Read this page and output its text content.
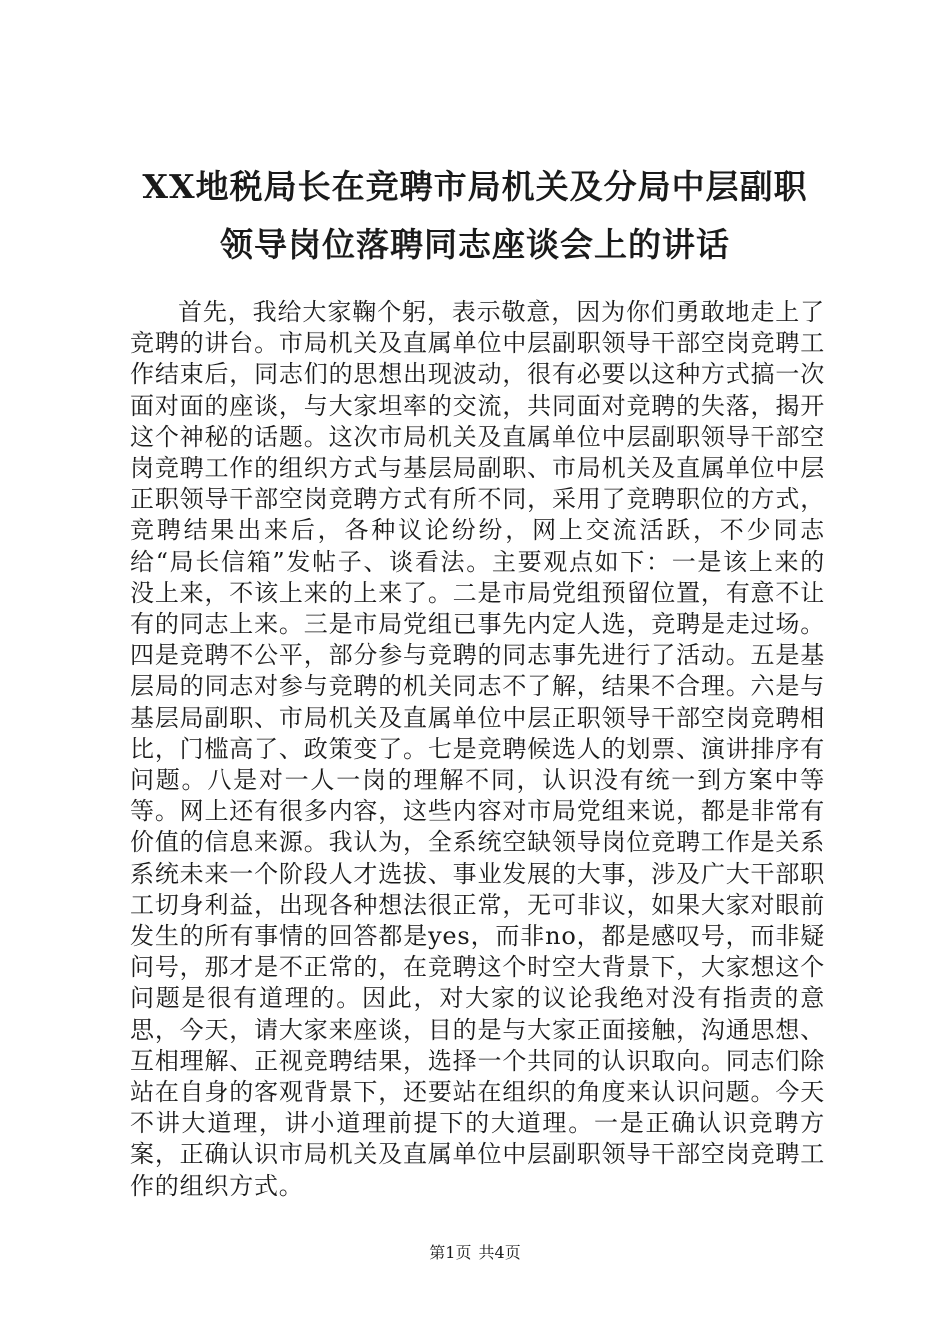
XX地税局长在竞聘市局机关及分局中层副职
领导岗位落聘同志座谈会上的讲话

首先，我给大家鞠个躬，表示敬意，因为你们勇敢地走上了竞聘的讲台。市局机关及直属单位中层副职领导干部空岗竞聘工作结束后，同志们的思想出现波动，很有必要以这种方式搞一次面对面的座谈，与大家坦率的交流，共同面对竞聘的失落，揭开这个神秘的话题。这次市局机关及直属单位中层副职领导干部空岗竞聘工作的组织方式与基层局副职、市局机关及直属单位中层正职领导干部空岗竞聘方式有所不同，采用了竞聘职位的方式，竞聘结果出来后，各种议论纷纷，网上交流活跃，不少同志给“局长信箱”发帖子、谈看法。主要观点如下：一是该上来的没上来，不该上来的上来了。二是市局党组预留位置，有意不让有的同志上来。三是市局党组已事先内定人选，竞聘是走过场。四是竞聘不公平，部分参与竞聘的同志事先进行了活动。五是基层局的同志对参与竞聘的机关同志不了解，结果不合理。六是与基层局副职、市局机关及直属单位中层正职领导干部空岗竞聘相比，门槛高了、政策变了。七是竞聘候选人的划票、演讲排序有问题。八是对一人一岗的理解不同，认识没有统一到方案中等等。网上还有很多内容，这些内容对市局党组来说，都是非常有价值的信息来源。我认为，全系统空缺领导岗位竞聘工作是关系系统未来一个阶段人才选拔、事业发展的大事，涉及广大干部职工切身利益，出现各种想法很正常，无可非议，如果大家对眼前发生的所有事情的回答都是yes，而非no，都是感叹号，而非疑问号，那才是不正常的，在竞聘这个时空大背景下，大家想这个问题是很有道理的。因此，对大家的议论我绝对没有指责的意思，今天，请大家来座谈，目的是与大家正面接触，沟通思想、互相理解、正视竞聘结果，选择一个共同的认识取向。同志们除站在自身的客观背景下，还要站在组织的角度来认识问题。今天不讲大道理，讲小道理前提下的大道理。一是正确认识竞聘方案，正确认识市局机关及直属单位中层副职领导干部空岗竞聘工作的组织方式。

第1页 共4页
